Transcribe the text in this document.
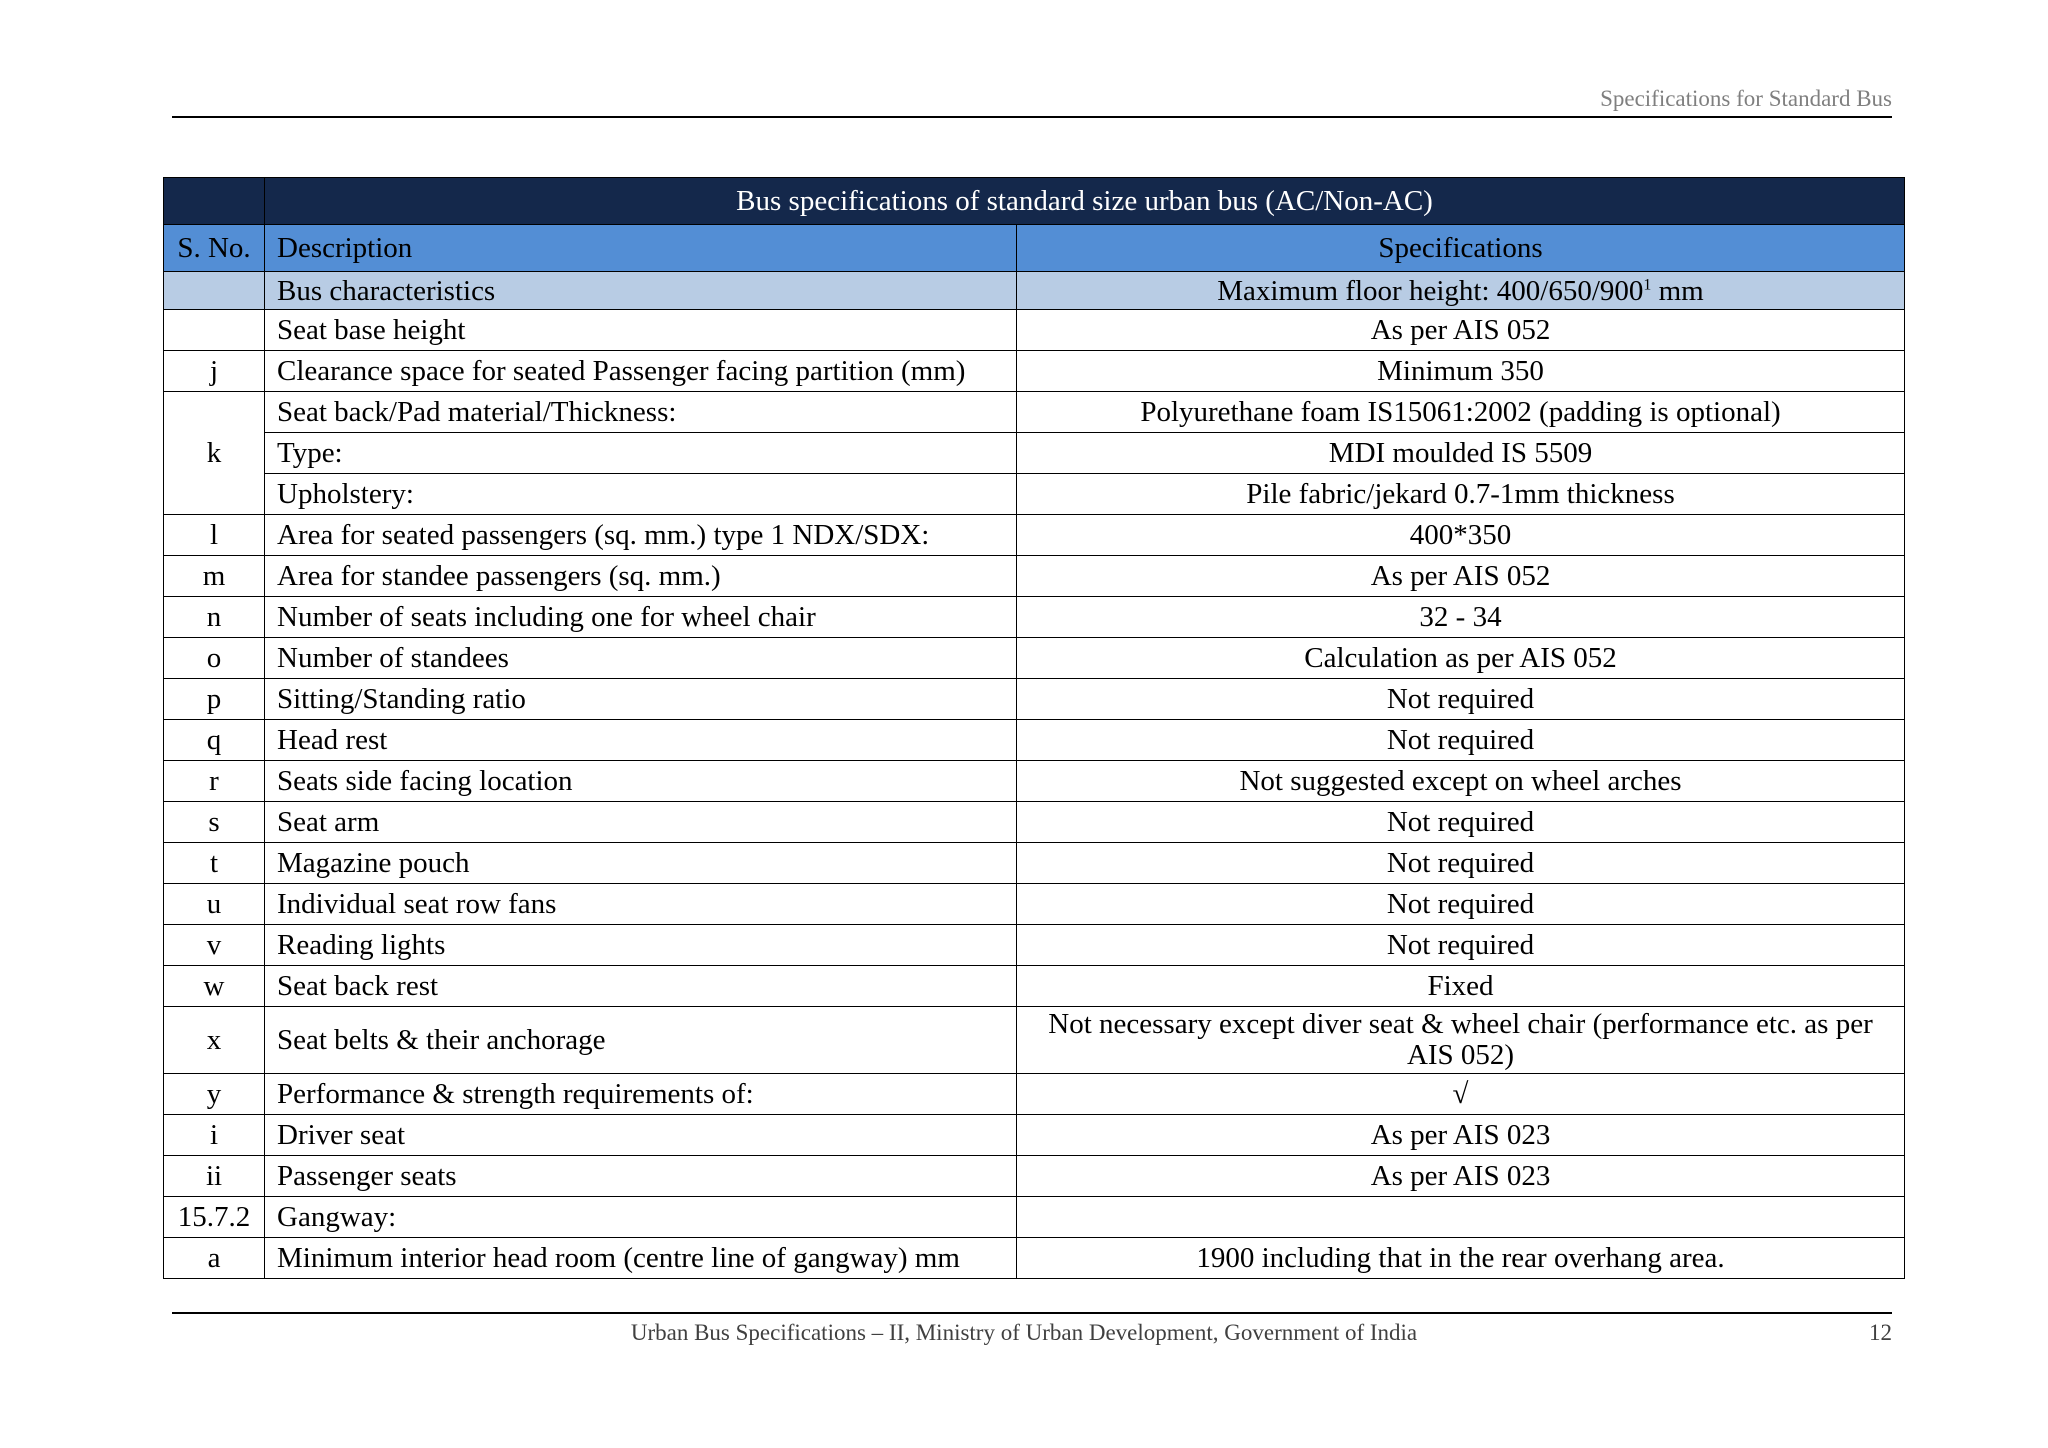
Specifications for Standard Bus
	Bus specifications of standard size urban bus (AC/Non-AC)	
S. No.	Description	Specifications
	Bus characteristics	Maximum floor height: $400/650/900^1$ mm
	Seat base height	As per AIS 052
j	Clearance space for seated Passenger facing partition (mm)	Minimum 350
k	Seat back/Pad material/Thickness:	Polyurethane foam IS15061:2002 (padding is optional)
	Type:	MDI moulded IS 5509
	Upholstery:	Pile fabric/jekard 0.7-1mm thickness
l	Area for seated passengers (sq. mm.) type 1 NDX/SDX:	400*350
m	Area for standee passengers (sq. mm.)	As per AIS 052
n	Number of seats including one for wheel chair	32 - 34
o	Number of standees	Calculation as per AIS 052
p	Sitting/Standing ratio	Not required
q	Head rest	Not required
r	Seats side facing location	Not suggested except on wheel arches
s	Seat arm	Not required
t	Magazine pouch	Not required
u	Individual seat row fans	Not required
v	Reading lights	Not required
w	Seat back rest	Fixed
x	Seat belts & their anchorage	Not necessary except diver seat & wheel chair (performance etc. as per AIS 052)
y	Performance & strength requirements of:	√
i	Driver seat	As per AIS 023
ii	Passenger seats	As per AIS 023
15.7.2	Gangway:	
a	Minimum interior head room (centre line of gangway) mm	1900 including that in the rear overhang area.
Urban Bus Specifications – II, Ministry of Urban Development, Government of India	12
